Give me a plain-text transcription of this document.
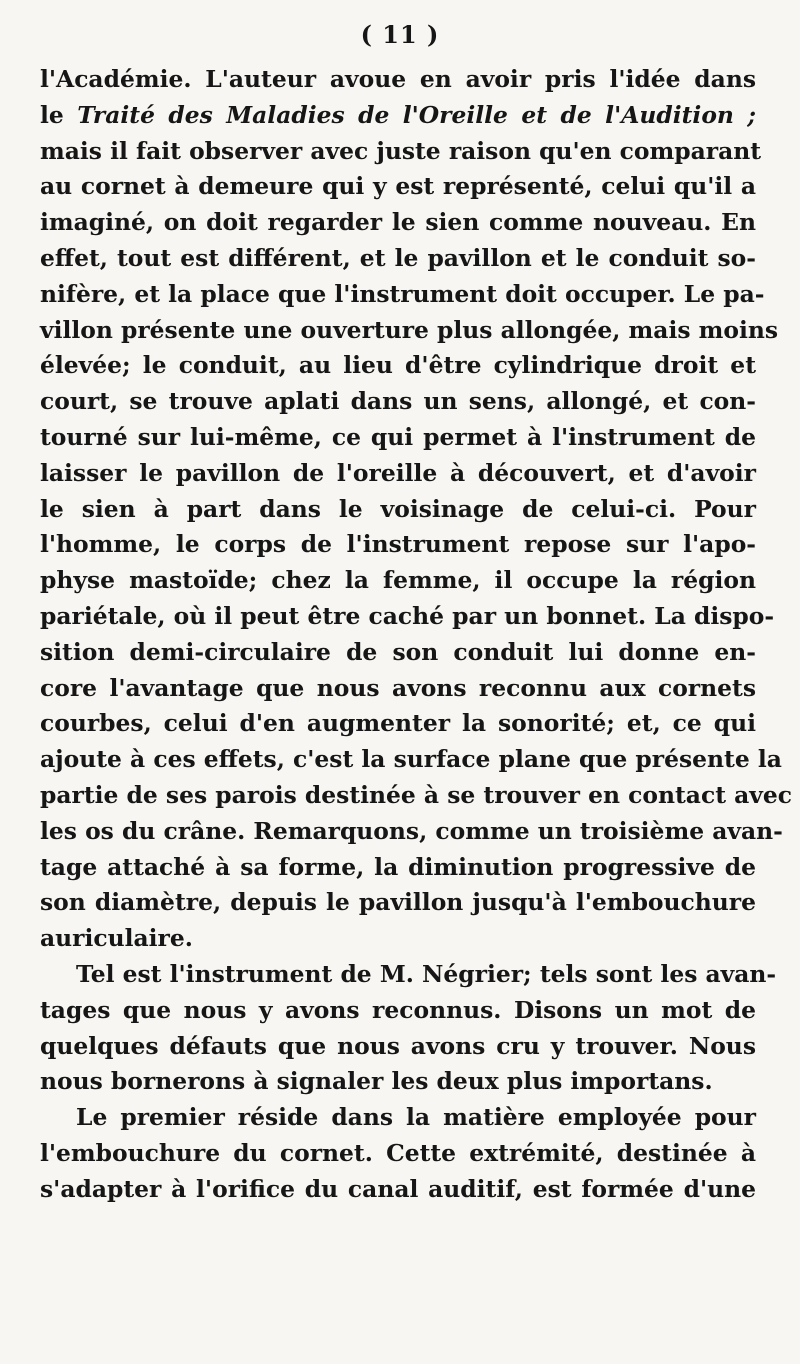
( 11 )
l'Académie. L'auteur avoue en avoir pris l'idée dans
le Traité des Maladies de l'Oreille et de l'Audition ;
mais il fait observer avec juste raison qu'en comparant
au cornet à demeure qui y est représenté, celui qu'il a
imaginé, on doit regarder le sien comme nouveau. En
effet, tout est différent, et le pavillon et le conduit so-
nifère, et la place que l'instrument doit occuper. Le pa-
villon présente une ouverture plus allongée, mais moins
élevée; le conduit, au lieu d'être cylindrique droit et
court, se trouve aplati dans un sens, allongé, et con-
tourné sur lui-même, ce qui permet à l'instrument de
laisser le pavillon de l'oreille à découvert, et d'avoir
le sien à part dans le voisinage de celui-ci. Pour
l'homme, le corps de l'instrument repose sur l'apo-
physe mastoïde; chez la femme, il occupe la région
pariétale, où il peut être caché par un bonnet. La dispo-
sition demi-circulaire de son conduit lui donne en-
core l'avantage que nous avons reconnu aux cornets
courbes, celui d'en augmenter la sonorité; et, ce qui
ajoute à ces effets, c'est la surface plane que présente la
partie de ses parois destinée à se trouver en contact avec
les os du crâne. Remarquons, comme un troisième avan-
tage attaché à sa forme, la diminution progressive de
son diamètre, depuis le pavillon jusqu'à l'embouchure
auriculaire.
Tel est l'instrument de M. Négrier; tels sont les avan-
tages que nous y avons reconnus. Disons un mot de
quelques défauts que nous avons cru y trouver. Nous
nous bornerons à signaler les deux plus importans.
Le premier réside dans la matière employée pour
l'embouchure du cornet. Cette extrémité, destinée à
s'adapter à l'orifice du canal auditif, est formée d'une
